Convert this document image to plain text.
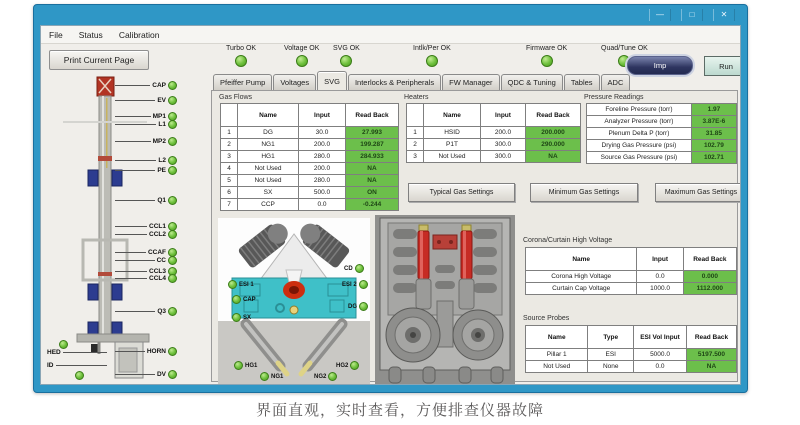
—	□	✕
File Status Calibration
Print Current Page
Turbo OK	Voltage OK SVG OK	Intlk/Per OK	Firmware OK	Quad/Tune OK
Imp	Run
CAP
EV
MP1
L1
MP2
L2
PE
Q1
CCL1
CCL2
CCAF
CC
CCL3
CCL4
Q3
HORN
DV
HED
ID
Pfeiffer Pump	Voltages	SVG	Interlocks & Peripherals	FW Manager	QDC & Tuning	Tables	ADC
Gas Flows
	Name	Input	Read Back
1	DG	30.0	27.993
2	NG1	200.0	199.287
3	HG1	280.0	284.933
4	Not Used	200.0	NA
5	Not Used	280.0	NA
6	SX	500.0	ON
7	CCP	0.0	-0.244
Heaters
	Name	Input	Read Back
1	HSID	200.0	200.000
2	P1T	300.0	290.000
3	Not Used	300.0	NA
Pressure Readings
Foreline Pressure (torr)	1.97
Analyzer Pressure (torr)	3.87E-6
Plenum Delta P (torr)	31.85
Drying Gas Pressure (psi)	102.79
Source Gas Pressure (psi)	102.71
Typical Gas Settings	Minimum Gas Settings	Maximum Gas Settings
CD
ESI 1	ESI 2
CAP
DG
SX
HG1
NG1
HG2
NG2
Corona/Curtain High Voltage
Name	Input	Read Back
Corona High Voltage	0.0	0.000
Curtain Cap Voltage	1000.0	1112.000
Source Probes
Name	Type	ESI Vol Input	Read Back
Pillar 1	ESI	5000.0	5197.500
Not Used	None	0.0	NA
界面直观，实时查看，方便排查仪器故障
